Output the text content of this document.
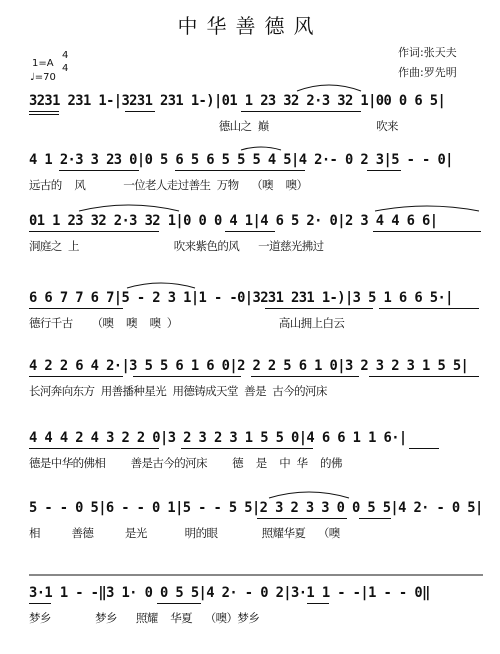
中华善德风
作词:张天夫
作曲:罗先明
1=A
4
4
♩=70
3231 231 1-|3231 231 1-)|01 1 23 32 2·3 32 1|00 0 6 5|
德山之 巅                 吹来
4 1 2·3 3 23 0|0 5 6 5 6 5 5 5 4 5|4 2·- 0 2 3|5 - - 0|
远古的  风      一位老人走过善生 万物  （噢  噢）
01 1 23 32 2·3 32 1|0 0 0 4 1|4 6 5 2· 0|2 3 4 4 6 6|
洞庭之 上               吹来紫色的风   一道慈光拂过
6 6 7 7 6 7|5 - 2 3 1|1 - -0|3231 231 1-)|3 5 1 6 6 5·|
德行千古   （噢  噢  噢 ）                高山拥上白云
4 2 2 6 4 2·|3 5 5 6 1 6 0|2 2 2 5 6 1 0|3 2 3 2 3 1 5 5|
长河奔向东方 用善播种星光 用德铸成天堂 善是 古今的河床
4 4 4 2 4 3 2 2 0|3 2 3 2 3 1 5 5 0|4 6 6 1 1 6·|
德是中华的佛相    善是古今的河床    德  是  中 华  的佛
5 - - 0 5|6 - - 0 1|5 - - 5 5|2 3 2 3 3 0 0 5 5|4 2· - 0 5|
相     善德     是光      明的眼       照耀华夏  （噢
3·1 1 - -‖3 1· 0 0 5 5|4 2· - 0 2|3·1 1 - -|1 - - 0‖
梦乡       梦乡   照耀  华夏  （噢）梦乡
